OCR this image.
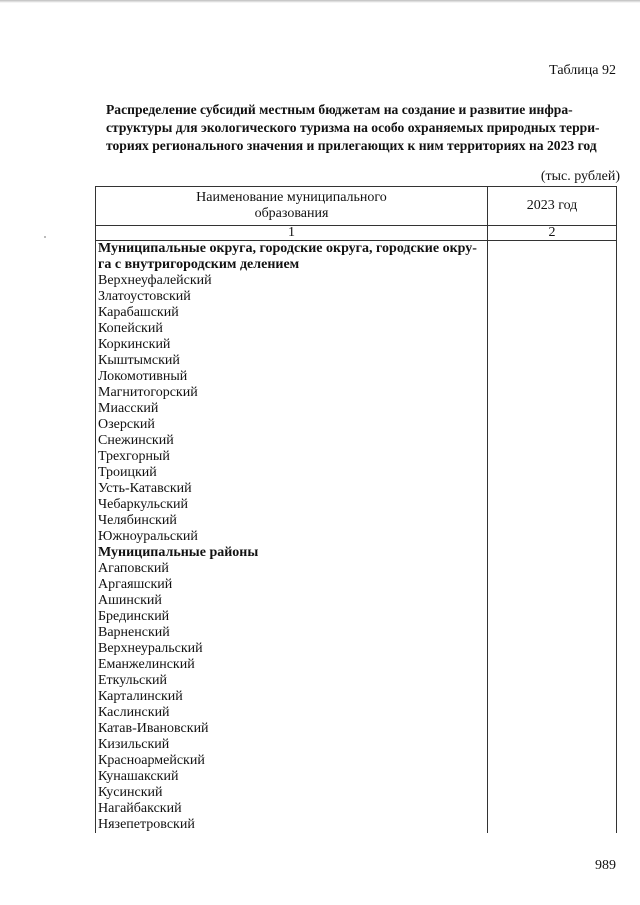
Таблица 92
Распределение субсидий местным бюджетам на создание и развитие инфра-
структуры для экологического туризма на особо охраняемых природных терри-
ториях регионального значения и прилегающих к ним территориях на 2023 год
(тыс. рублей)
Наименование муниципального
образования	2023 год
1	2

Муниципальные округа, городские округа, городские окру-
га с внутригородским делением	

Верхнеуфалейский	
Златоустовский	
Карабашский	
Копейский	
Коркинский	
Кыштымский	
Локомотивный	
Магнитогорский	
Миасский	
Озерский	
Снежинский	
Трехгорный	
Троицкий	
Усть-Катавский	
Чебаркульский	
Челябинский	
Южноуральский	
Муниципальные районы	
Агаповский	
Аргаяшский	
Ашинский	
Брединский	
Варненский	
Верхнеуральский	
Еманжелинский	
Еткульский	
Карталинский	
Каслинский	
Катав-Ивановский	
Кизильский	
Красноармейский	
Кунашакский	
Кусинский	
Нагайбакский	
Нязепетровский	
989
